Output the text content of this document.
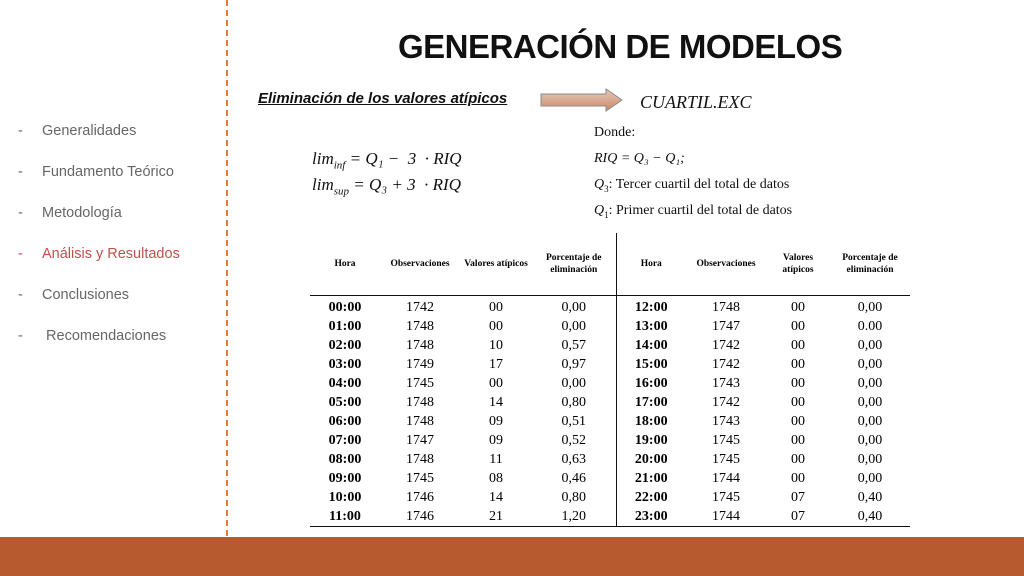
-	Generalidades
-	Fundamento Teórico
-	Metodología
-	Análisis y Resultados
-	Conclusiones
-	Recomendaciones
GENERACIÓN DE MODELOS
Eliminación de los valores atípicos	CUARTIL.EXC
$\lim_{inf} = Q_1 - 3$  · RIQ
$\lim_{sup} = Q_3 + 3$  · RIQ
Donde:
RIQ = Q₃ − Q₁;
$Q_3$: Tercer cuartil del total de datos
$Q_1$: Primer cuartil del total de datos
Hora	Observaciones	Valores atípicos	Porcentaje de eliminación	Hora	Observaciones	Valores atípicos	Porcentaje de eliminación
00:00	1742	00	0,00	12:00	1748	00	0,00
01:00	1748	00	0,00	13:00	1747	00	0.00
02:00	1748	10	0,57	14:00	1742	00	0,00
03:00	1749	17	0,97	15:00	1742	00	0,00
04:00	1745	00	0,00	16:00	1743	00	0,00
05:00	1748	14	0,80	17:00	1742	00	0,00
06:00	1748	09	0,51	18:00	1743	00	0,00
07:00	1747	09	0,52	19:00	1745	00	0,00
08:00	1748	11	0,63	20:00	1745	00	0,00
09:00	1745	08	0,46	21:00	1744	00	0,00
10:00	1746	14	0,80	22:00	1745	07	0,40
11:00	1746	21	1,20	23:00	1744	07	0,40
